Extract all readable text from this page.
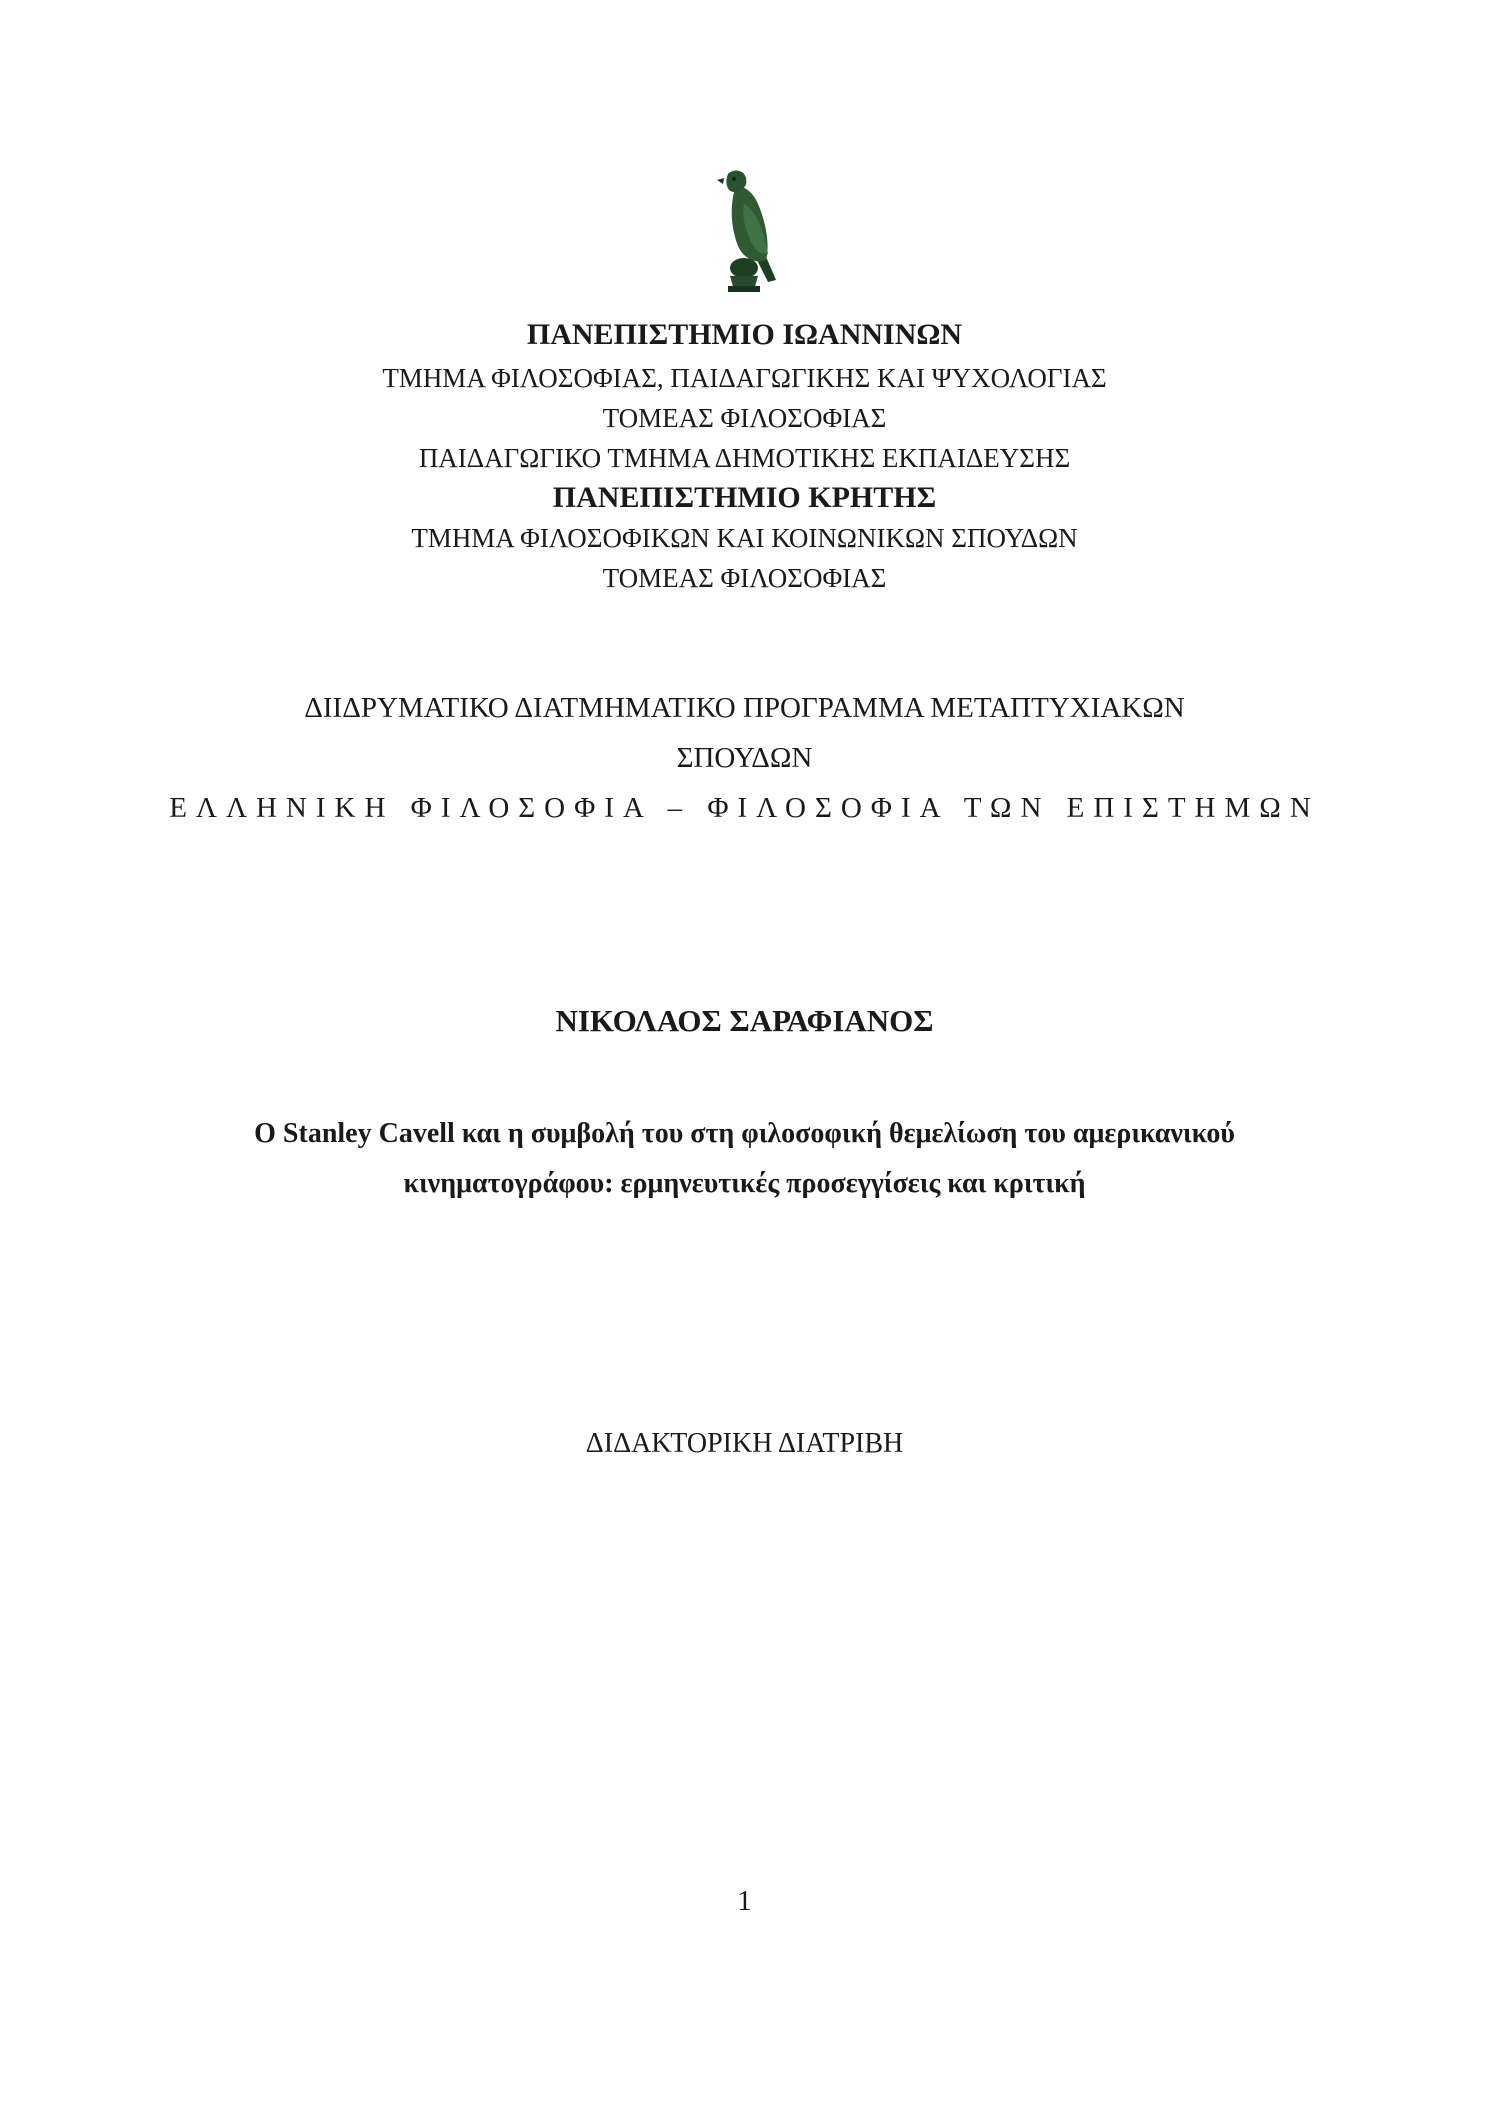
ΠΑΝΕΠΙΣΤΗΜΙΟ ΙΩΑΝΝΙΝΩΝ
ΤΜΗΜΑ ΦΙΛΟΣΟΦΙΑΣ, ΠΑΙΔΑΓΩΓΙΚΗΣ ΚΑΙ ΨΥΧΟΛΟΓΙΑΣ
ΤΟΜΕΑΣ ΦΙΛΟΣΟΦΙΑΣ
ΠΑΙΔΑΓΩΓΙΚΟ ΤΜΗΜΑ ΔΗΜΟΤΙΚΗΣ ΕΚΠΑΙΔΕΥΣΗΣ
ΠΑΝΕΠΙΣΤΗΜΙΟ ΚΡΗΤΗΣ
ΤΜΗΜΑ ΦΙΛΟΣΟΦΙΚΩΝ ΚΑΙ ΚΟΙΝΩΝΙΚΩΝ ΣΠΟΥΔΩΝ
ΤΟΜΕΑΣ ΦΙΛΟΣΟΦΙΑΣ
ΔΙΙΔΡΥΜΑΤΙΚΟ ΔΙΑΤΜΗΜΑΤΙΚΟ ΠΡΟΓΡΑΜΜΑ ΜΕΤΑΠΤΥΧΙΑΚΩΝ
ΣΠΟΥΔΩΝ
ΕΛΛΗΝΙΚΗ ΦΙΛΟΣΟΦΙΑ – ΦΙΛΟΣΟΦΙΑ ΤΩΝ ΕΠΙΣΤΗΜΩΝ
ΝΙΚΟΛΑΟΣ ΣΑΡΑΦΙΑΝΟΣ
Ο Stanley Cavell και η συμβολή του στη φιλοσοφική θεμελίωση του αμερικανικού
κινηματογράφου: ερμηνευτικές προσεγγίσεις και κριτική
ΔΙΔΑΚΤΟΡΙΚΗ ΔΙΑΤΡΙΒΗ
1
